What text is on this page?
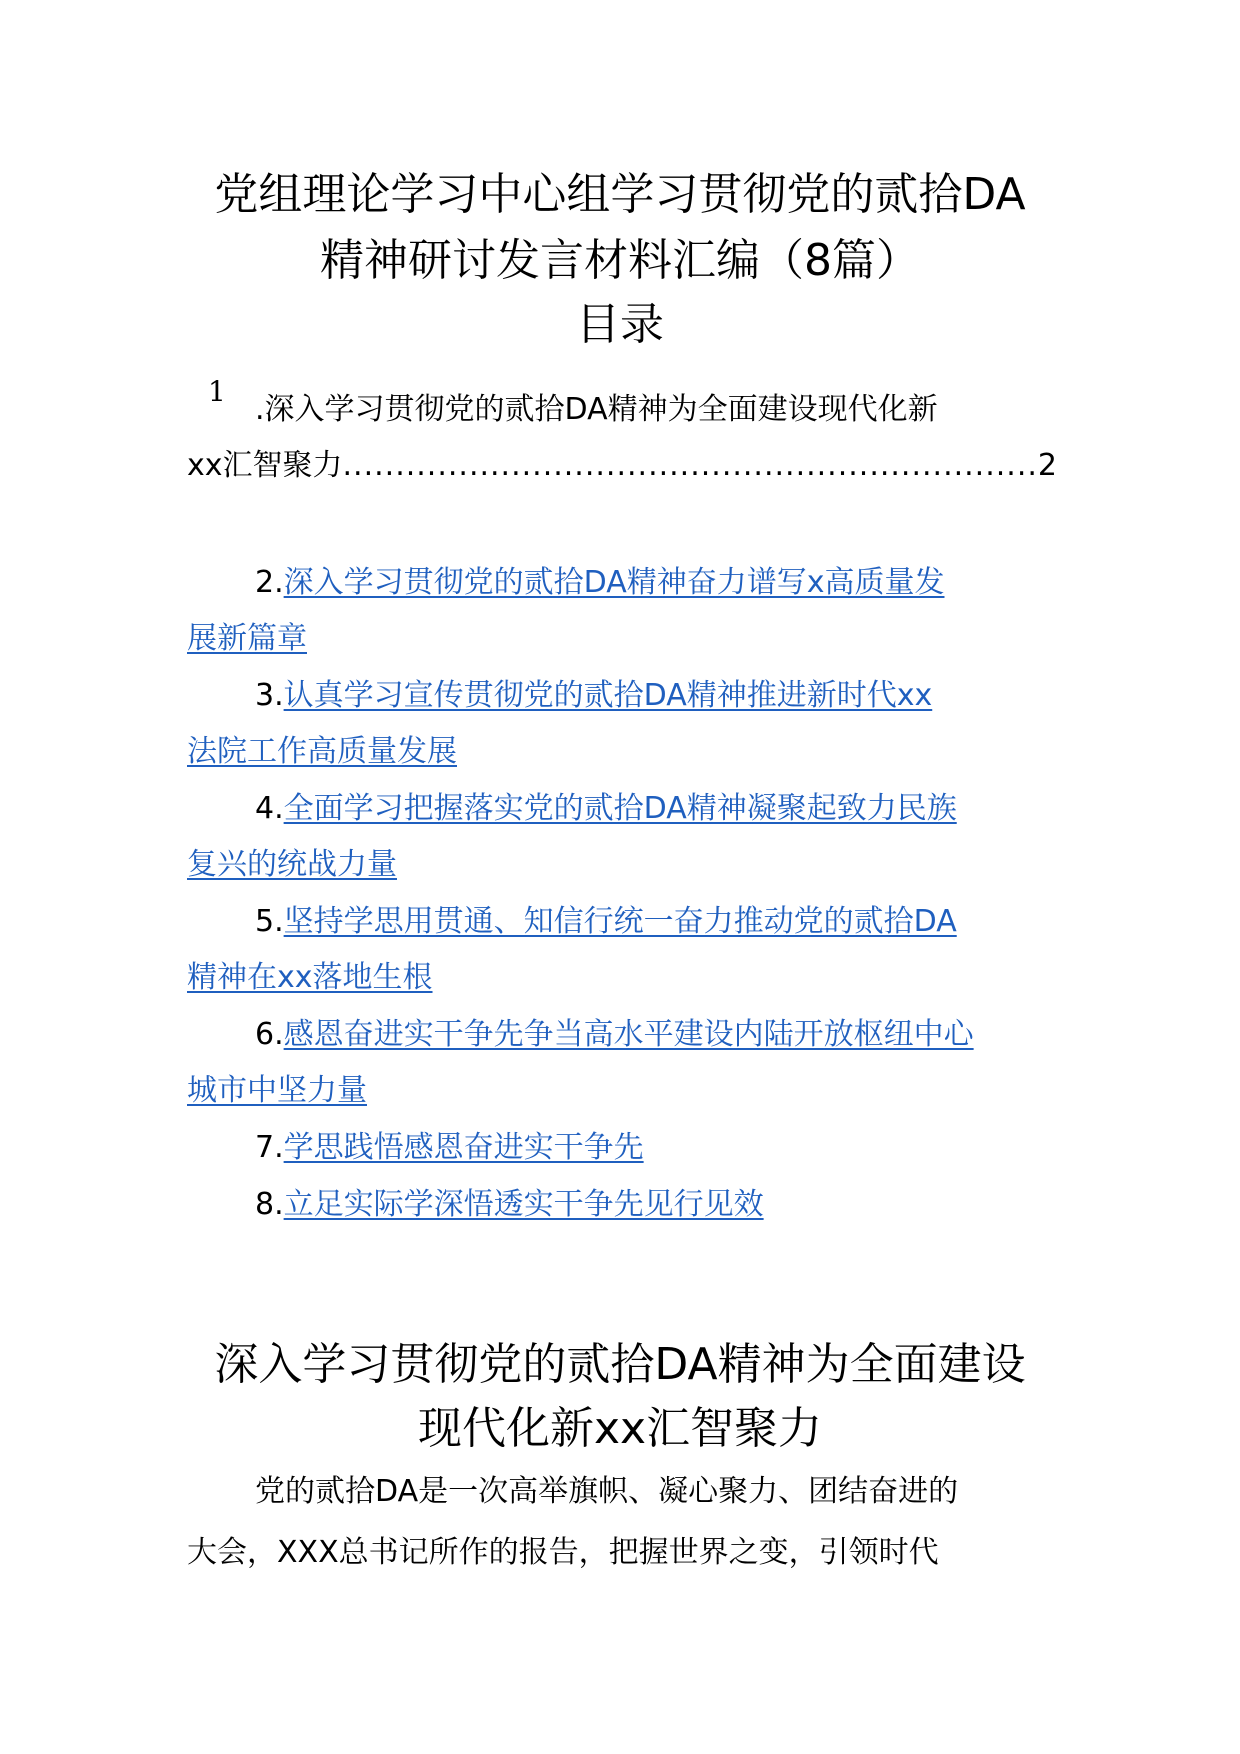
党组理论学习中心组学习贯彻党的贰拾DA
精神研讨发言材料汇编（8篇）
目录
1
.深入学习贯彻党的贰拾DA精神为全面建设现代化新
xx汇智聚力 .................................................................. 2
2.深入学习贯彻党的贰拾DA精神奋力谱写x高质量发
展新篇章
3.认真学习宣传贯彻党的贰拾DA精神推进新时代xx
法院工作高质量发展
4.全面学习把握落实党的贰拾DA精神凝聚起致力民族
复兴的统战力量
5.坚持学思用贯通、知信行统一奋力推动党的贰拾DA
精神在xx落地生根
6.感恩奋进实干争先争当高水平建设内陆开放枢纽中心
城市中坚力量
7.学思践悟感恩奋进实干争先
8.立足实际学深悟透实干争先见行见效
深入学习贯彻党的贰拾DA精神为全面建设
现代化新xx汇智聚力
党的贰拾DA是一次高举旗帜、凝心聚力、团结奋进的
大会，XXX总书记所作的报告，把握世界之变，引领时代
